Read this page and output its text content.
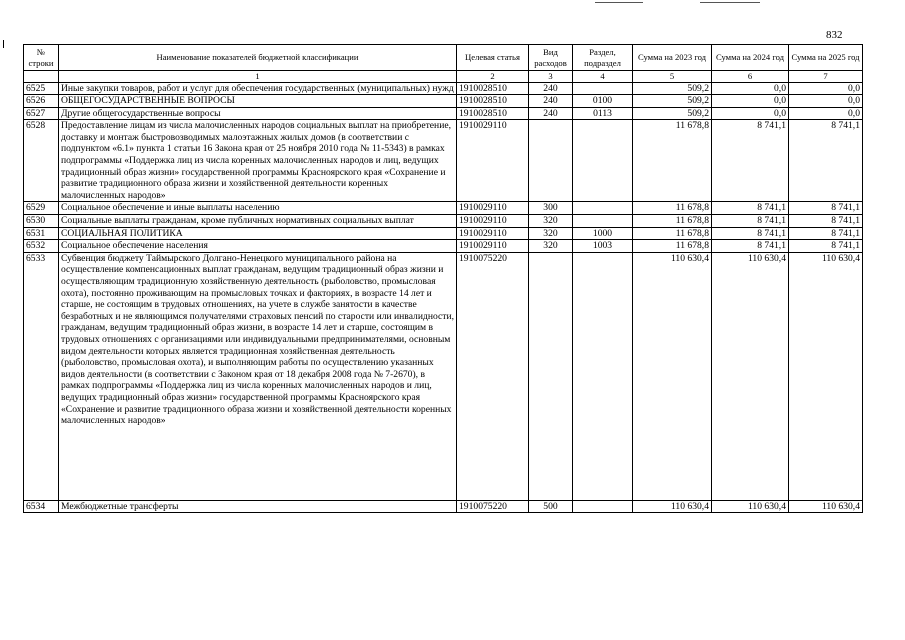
832
№ строки	Наименование показателей бюджетной классификации	Целевая статья	Вид расходов	Раздел, подраздел	Сумма на 2023 год	Сумма на 2024 год	Сумма на 2025 год
	1	2	3	4	5	6	7
6525	Иные закупки товаров, работ и услуг для обеспечения государственных (муниципальных) нужд	1910028510	240		509,2	0,0	0,0
6526	ОБЩЕГОСУДАРСТВЕННЫЕ ВОПРОСЫ	1910028510	240	0100	509,2	0,0	0,0
6527	Другие общегосударственные вопросы	1910028510	240	0113	509,2	0,0	0,0
6528	Предоставление лицам из числа малочисленных народов социальных выплат на приобретение, доставку и монтаж быстровозводимых малоэтажных жилых домов (в соответствии с подпунктом «6.1» пункта 1 статьи 16 Закона края от 25 ноября 2010 года № 11-5343) в рамках подпрограммы «Поддержка лиц из числа коренных малочисленных народов и лиц, ведущих традиционный образ жизни» государственной программы Красноярского края «Сохранение и развитие традиционного образа жизни и хозяйственной деятельности коренных малочисленных народов»	1910029110			11 678,8	8 741,1	8 741,1
6529	Социальное обеспечение и иные выплаты населению	1910029110	300		11 678,8	8 741,1	8 741,1
6530	Социальные выплаты гражданам, кроме публичных нормативных социальных выплат	1910029110	320		11 678,8	8 741,1	8 741,1
6531	СОЦИАЛЬНАЯ ПОЛИТИКА	1910029110	320	1000	11 678,8	8 741,1	8 741,1
6532	Социальное обеспечение населения	1910029110	320	1003	11 678,8	8 741,1	8 741,1
6533	Субвенция бюджету Таймырского Долгано-Ненецкого муниципального района на осуществление компенсационных выплат гражданам, ведущим традиционный образ жизни и осуществляющим традиционную хозяйственную деятельность (рыболовство, промысловая охота), постоянно проживающим на промысловых точках и факториях, в возрасте 14 лет и старше, не состоящим в трудовых отношениях, на учете в службе занятости в качестве безработных и не являющимся получателями страховых пенсий по старости или инвалидности, гражданам, ведущим традиционный образ жизни, в возрасте 14 лет и старше, состоящим в трудовых отношениях с организациями или индивидуальными предпринимателями, основным видом деятельности которых является традиционная хозяйственная деятельность (рыболовство, промысловая охота), и выполняющим работы по осуществлению указанных видов деятельности (в соответствии с Законом края от 18 декабря 2008 года № 7-2670), в рамках подпрограммы «Поддержка лиц из числа коренных малочисленных народов и лиц, ведущих традиционный образ жизни» государственной программы Красноярского края «Сохранение и развитие традиционного образа жизни и хозяйственной деятельности коренных малочисленных народов»	1910075220			110 630,4	110 630,4	110 630,4
6534	Межбюджетные трансферты	1910075220	500		110 630,4	110 630,4	110 630,4
